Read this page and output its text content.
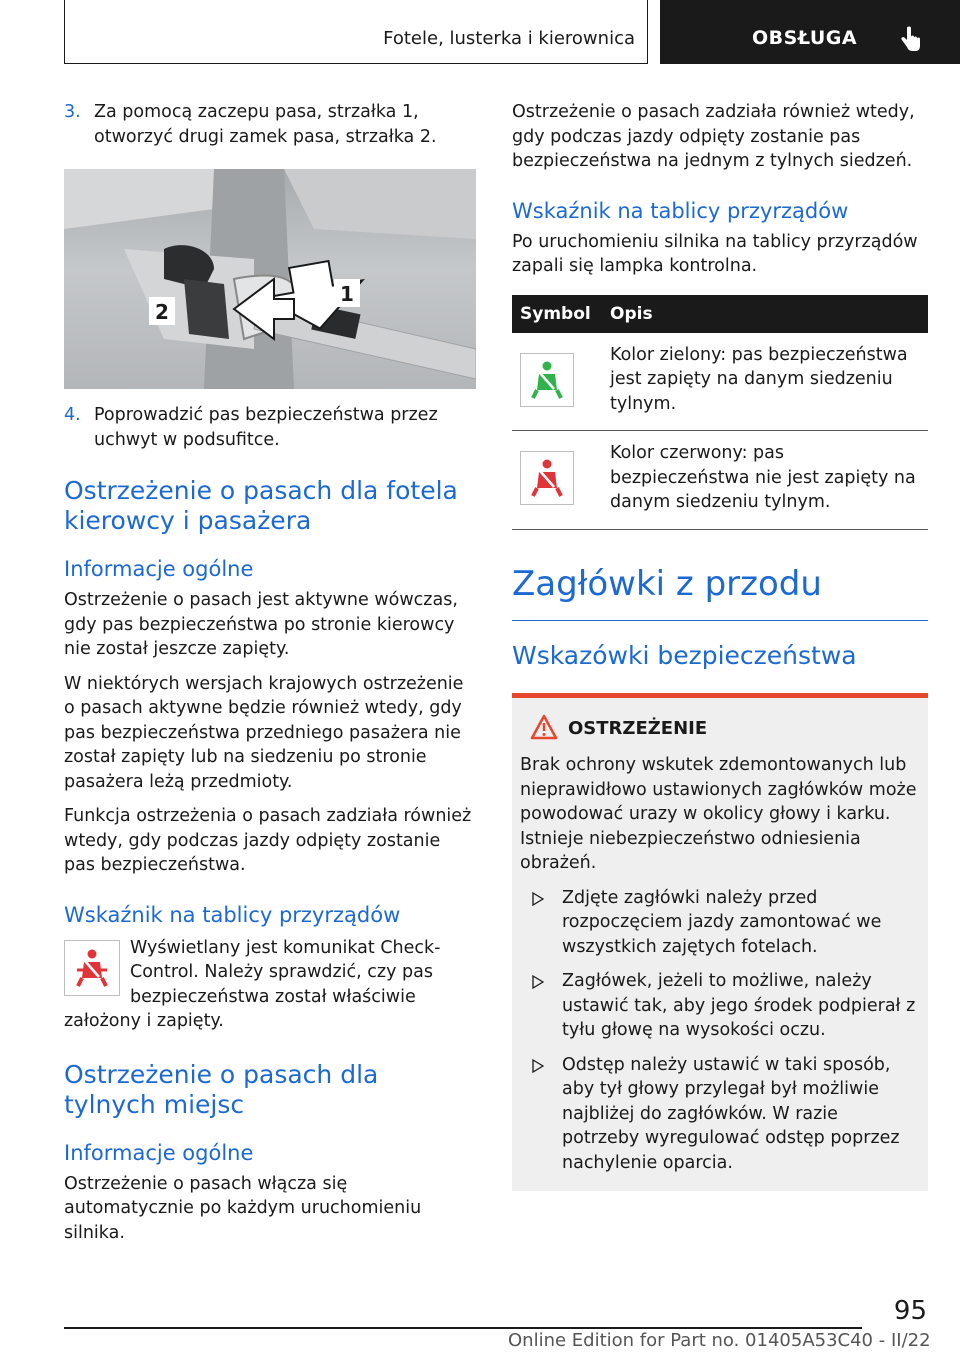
Fotele, lusterka i kierownica	OBSŁUGA

3. Za pomocą zaczepu pasa, strzałka 1, otworzyć drugi zamek pasa, strzałka 2.

1
2

4. Poprowadzić pas bezpieczeństwa przez uchwyt w podsufitce.

Ostrzeżenie o pasach dla fotela kierowcy i pasażera
Informacje ogólne

Ostrzeżenie o pasach jest aktywne wówczas, gdy pas bezpieczeństwa po stronie kierowcy nie został jeszcze zapięty.

W niektórych wersjach krajowych ostrzeżenie o pasach aktywne będzie również wtedy, gdy pas bezpieczeństwa przedniego pasażera nie został zapięty lub na siedzeniu po stronie pasażera leżą przedmioty.

Funkcja ostrzeżenia o pasach zadziała również wtedy, gdy podczas jazdy odpięty zostanie pas bezpieczeństwa.

Wskaźnik na tablicy przyrządów

Wyświetlany jest komunikat Check-Control. Należy sprawdzić, czy pas bezpieczeństwa został właściwie założony i zapięty.

Ostrzeżenie o pasach dla tylnych miejsc
Informacje ogólne

Ostrzeżenie o pasach włącza się automatycznie po każdym uruchomieniu silnika.

Ostrzeżenie o pasach zadziała również wtedy, gdy podczas jazdy odpięty zostanie pas bezpieczeństwa na jednym z tylnych siedzeń.

Wskaźnik na tablicy przyrządów

Po uruchomieniu silnika na tablicy przyrządów zapali się lampka kontrolna.

Symbol	Opis

	Kolor zielony: pas bezpieczeństwa jest zapięty na danym siedzeniu tylnym.

	Kolor czerwony: pas bezpieczeństwa nie jest zapięty na danym siedzeniu tylnym.
Zagłówki z przodu
Wskazówki bezpieczeństwa
OSTRZEŻENIE

Brak ochrony wskutek zdemontowanych lub nieprawidłowo ustawionych zagłówków może powodować urazy w okolicy głowy i karku. Istnieje niebezpieczeństwo odniesienia obrażeń.

Zdjęte zagłówki należy przed rozpoczęciem jazdy zamontować we wszystkich zajętych fotelach.

Zagłówek, jeżeli to możliwe, należy ustawić tak, aby jego środek podpierał z tyłu głowę na wysokości oczu.

Odstęp należy ustawić w taki sposób, aby tył głowy przylegał był możliwie najbliżej do zagłówków. W razie potrzeby wyregulować odstęp poprzez nachylenie oparcia.

95
Online Edition for Part no. 01405A53C40 - II/22
